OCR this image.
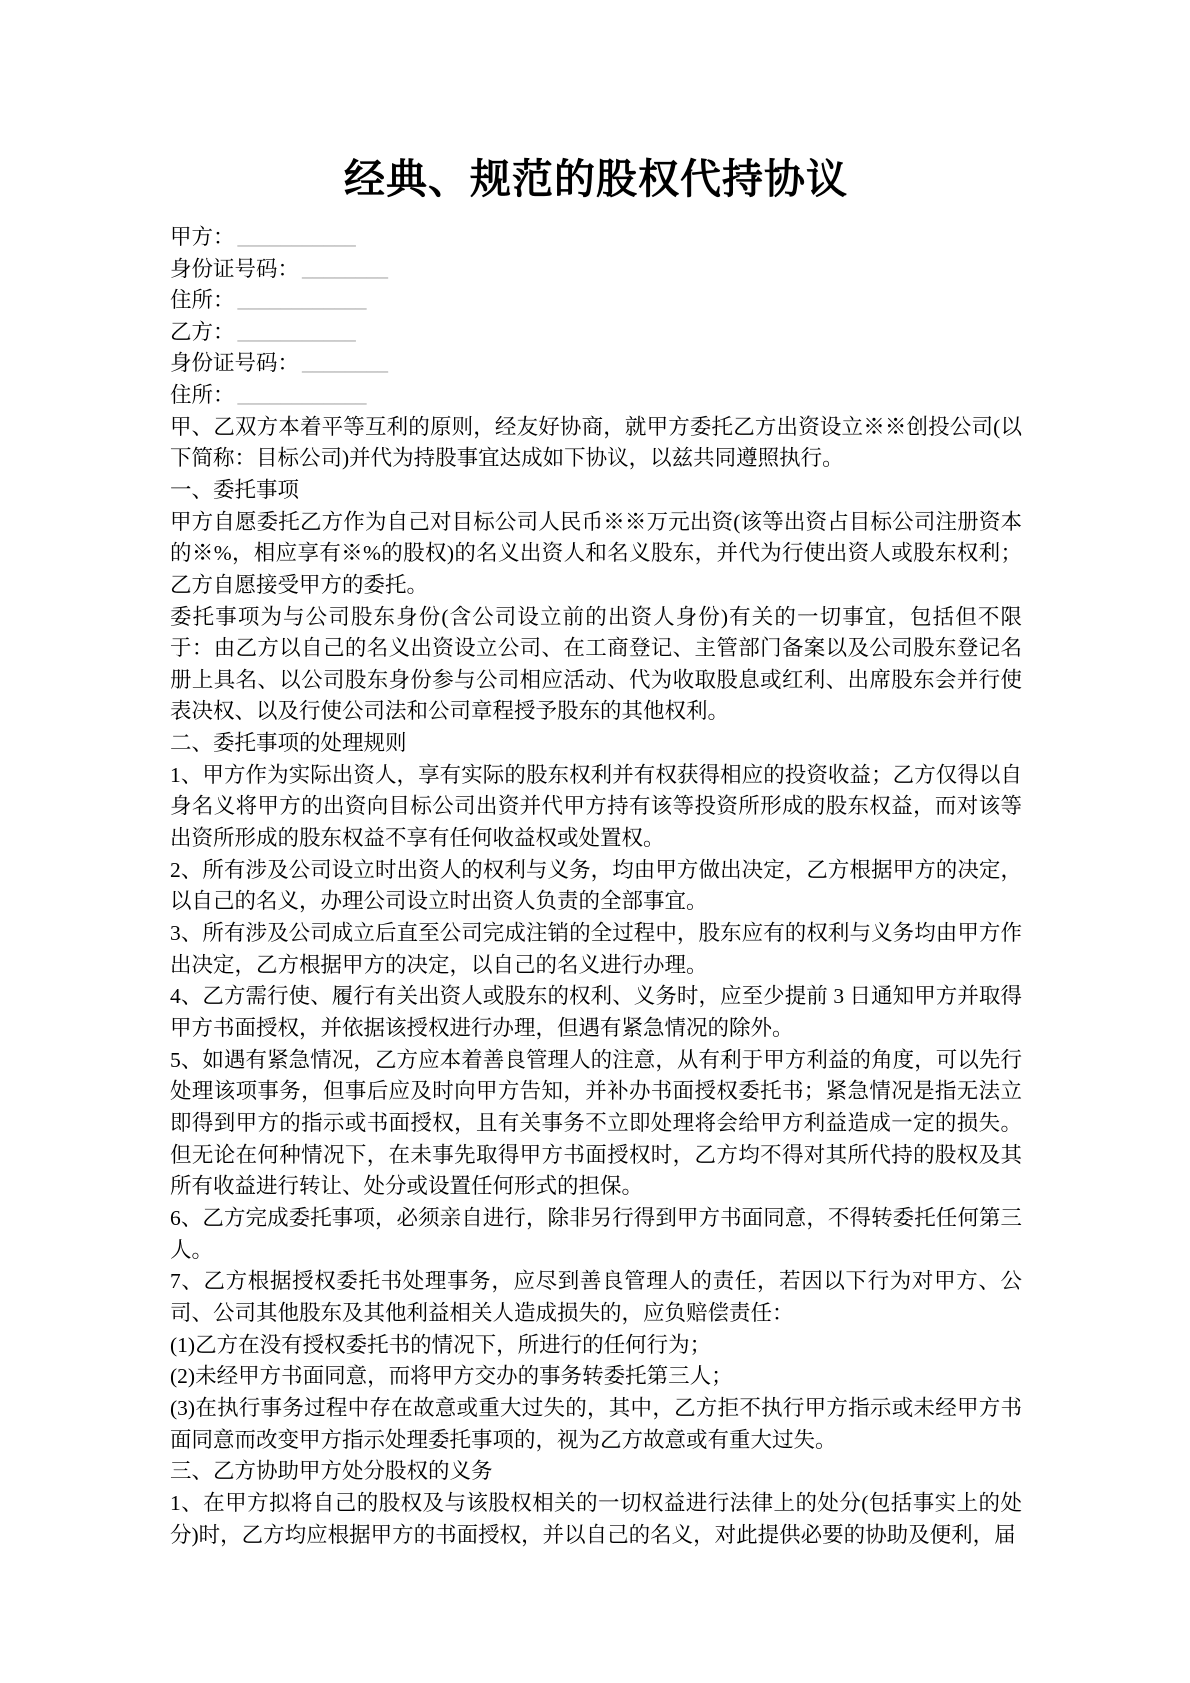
经典、规范的股权代持协议
甲方： ___________
身份证号码： ________
住所： ____________
乙方： ___________
身份证号码： ________
住所： ____________

甲、乙双方本着平等互利的原则，经友好协商，就甲方委托乙方出资设立※※创投公司(以下简称：目标公司)并代为持股事宜达成如下协议，以兹共同遵照执行。

一、委托事项

甲方自愿委托乙方作为自己对目标公司人民币※※万元出资(该等出资占目标公司注册资本的※%，相应享有※%的股权)的名义出资人和名义股东，并代为行使出资人或股东权利；乙方自愿接受甲方的委托。

委托事项为与公司股东身份(含公司设立前的出资人身份)有关的一切事宜，包括但不限于：由乙方以自己的名义出资设立公司、在工商登记、主管部门备案以及公司股东登记名册上具名、以公司股东身份参与公司相应活动、代为收取股息或红利、出席股东会并行使表决权、以及行使公司法和公司章程授予股东的其他权利。

二、委托事项的处理规则

1、甲方作为实际出资人，享有实际的股东权利并有权获得相应的投资收益；乙方仅得以自身名义将甲方的出资向目标公司出资并代甲方持有该等投资所形成的股东权益，而对该等出资所形成的股东权益不享有任何收益权或处置权。

2、所有涉及公司设立时出资人的权利与义务，均由甲方做出决定，乙方根据甲方的决定，以自己的名义，办理公司设立时出资人负责的全部事宜。

3、所有涉及公司成立后直至公司完成注销的全过程中，股东应有的权利与义务均由甲方作出决定，乙方根据甲方的决定，以自己的名义进行办理。

4、乙方需行使、履行有关出资人或股东的权利、义务时，应至少提前 3 日通知甲方并取得甲方书面授权，并依据该授权进行办理，但遇有紧急情况的除外。

5、如遇有紧急情况，乙方应本着善良管理人的注意，从有利于甲方利益的角度，可以先行处理该项事务，但事后应及时向甲方告知，并补办书面授权委托书；紧急情况是指无法立即得到甲方的指示或书面授权，且有关事务不立即处理将会给甲方利益造成一定的损失。但无论在何种情况下，在未事先取得甲方书面授权时，乙方均不得对其所代持的股权及其所有收益进行转让、处分或设置任何形式的担保。

6、乙方完成委托事项，必须亲自进行，除非另行得到甲方书面同意，不得转委托任何第三人。

7、乙方根据授权委托书处理事务，应尽到善良管理人的责任，若因以下行为对甲方、公司、公司其他股东及其他利益相关人造成损失的，应负赔偿责任：

(1)乙方在没有授权委托书的情况下，所进行的任何行为；

(2)未经甲方书面同意，而将甲方交办的事务转委托第三人；

(3)在执行事务过程中存在故意或重大过失的，其中，乙方拒不执行甲方指示或未经甲方书面同意而改变甲方指示处理委托事项的，视为乙方故意或有重大过失。

三、乙方协助甲方处分股权的义务

1、在甲方拟将自己的股权及与该股权相关的一切权益进行法律上的处分(包括事实上的处分)时，乙方均应根据甲方的书面授权，并以自己的名义，对此提供必要的协助及便利，届
